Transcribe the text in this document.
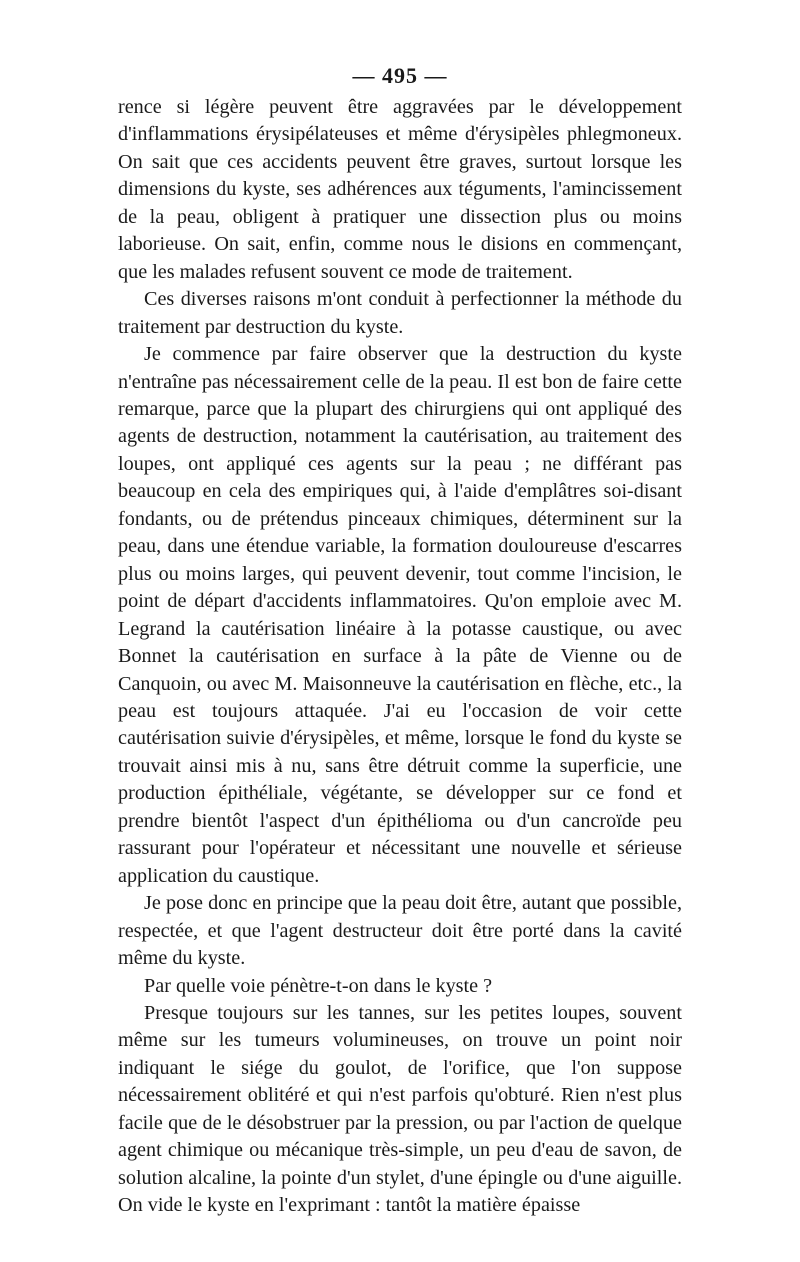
— 495 —

rence si légère peuvent être aggravées par le développement d'inflammations érysipélateuses et même d'érysipèles phlegmoneux. On sait que ces accidents peuvent être graves, surtout lorsque les dimensions du kyste, ses adhérences aux téguments, l'amincissement de la peau, obligent à pratiquer une dissection plus ou moins laborieuse. On sait, enfin, comme nous le disions en commençant, que les malades refusent souvent ce mode de traitement.

Ces diverses raisons m'ont conduit à perfectionner la méthode du traitement par destruction du kyste.

Je commence par faire observer que la destruction du kyste n'entraîne pas nécessairement celle de la peau. Il est bon de faire cette remarque, parce que la plupart des chirurgiens qui ont appliqué des agents de destruction, notamment la cautérisation, au traitement des loupes, ont appliqué ces agents sur la peau ; ne différant pas beaucoup en cela des empiriques qui, à l'aide d'emplâtres soi-disant fondants, ou de prétendus pinceaux chimiques, déterminent sur la peau, dans une étendue variable, la formation douloureuse d'escarres plus ou moins larges, qui peuvent devenir, tout comme l'incision, le point de départ d'accidents inflammatoires. Qu'on emploie avec M. Legrand la cautérisation linéaire à la potasse caustique, ou avec Bonnet la cautérisation en surface à la pâte de Vienne ou de Canquoin, ou avec M. Maisonneuve la cautérisation en flèche, etc., la peau est toujours attaquée. J'ai eu l'occasion de voir cette cautérisation suivie d'érysipèles, et même, lorsque le fond du kyste se trouvait ainsi mis à nu, sans être détruit comme la superficie, une production épithéliale, végétante, se développer sur ce fond et prendre bientôt l'aspect d'un épithélioma ou d'un cancroïde peu rassurant pour l'opérateur et nécessitant une nouvelle et sérieuse application du caustique.

Je pose donc en principe que la peau doit être, autant que possible, respectée, et que l'agent destructeur doit être porté dans la cavité même du kyste.

Par quelle voie pénètre-t-on dans le kyste ?

Presque toujours sur les tannes, sur les petites loupes, souvent même sur les tumeurs volumineuses, on trouve un point noir indiquant le siége du goulot, de l'orifice, que l'on suppose nécessairement oblitéré et qui n'est parfois qu'obturé. Rien n'est plus facile que de le désobstruer par la pression, ou par l'action de quelque agent chimique ou mécanique très-simple, un peu d'eau de savon, de solution alcaline, la pointe d'un stylet, d'une épingle ou d'une aiguille. On vide le kyste en l'exprimant : tantôt la matière épaisse
